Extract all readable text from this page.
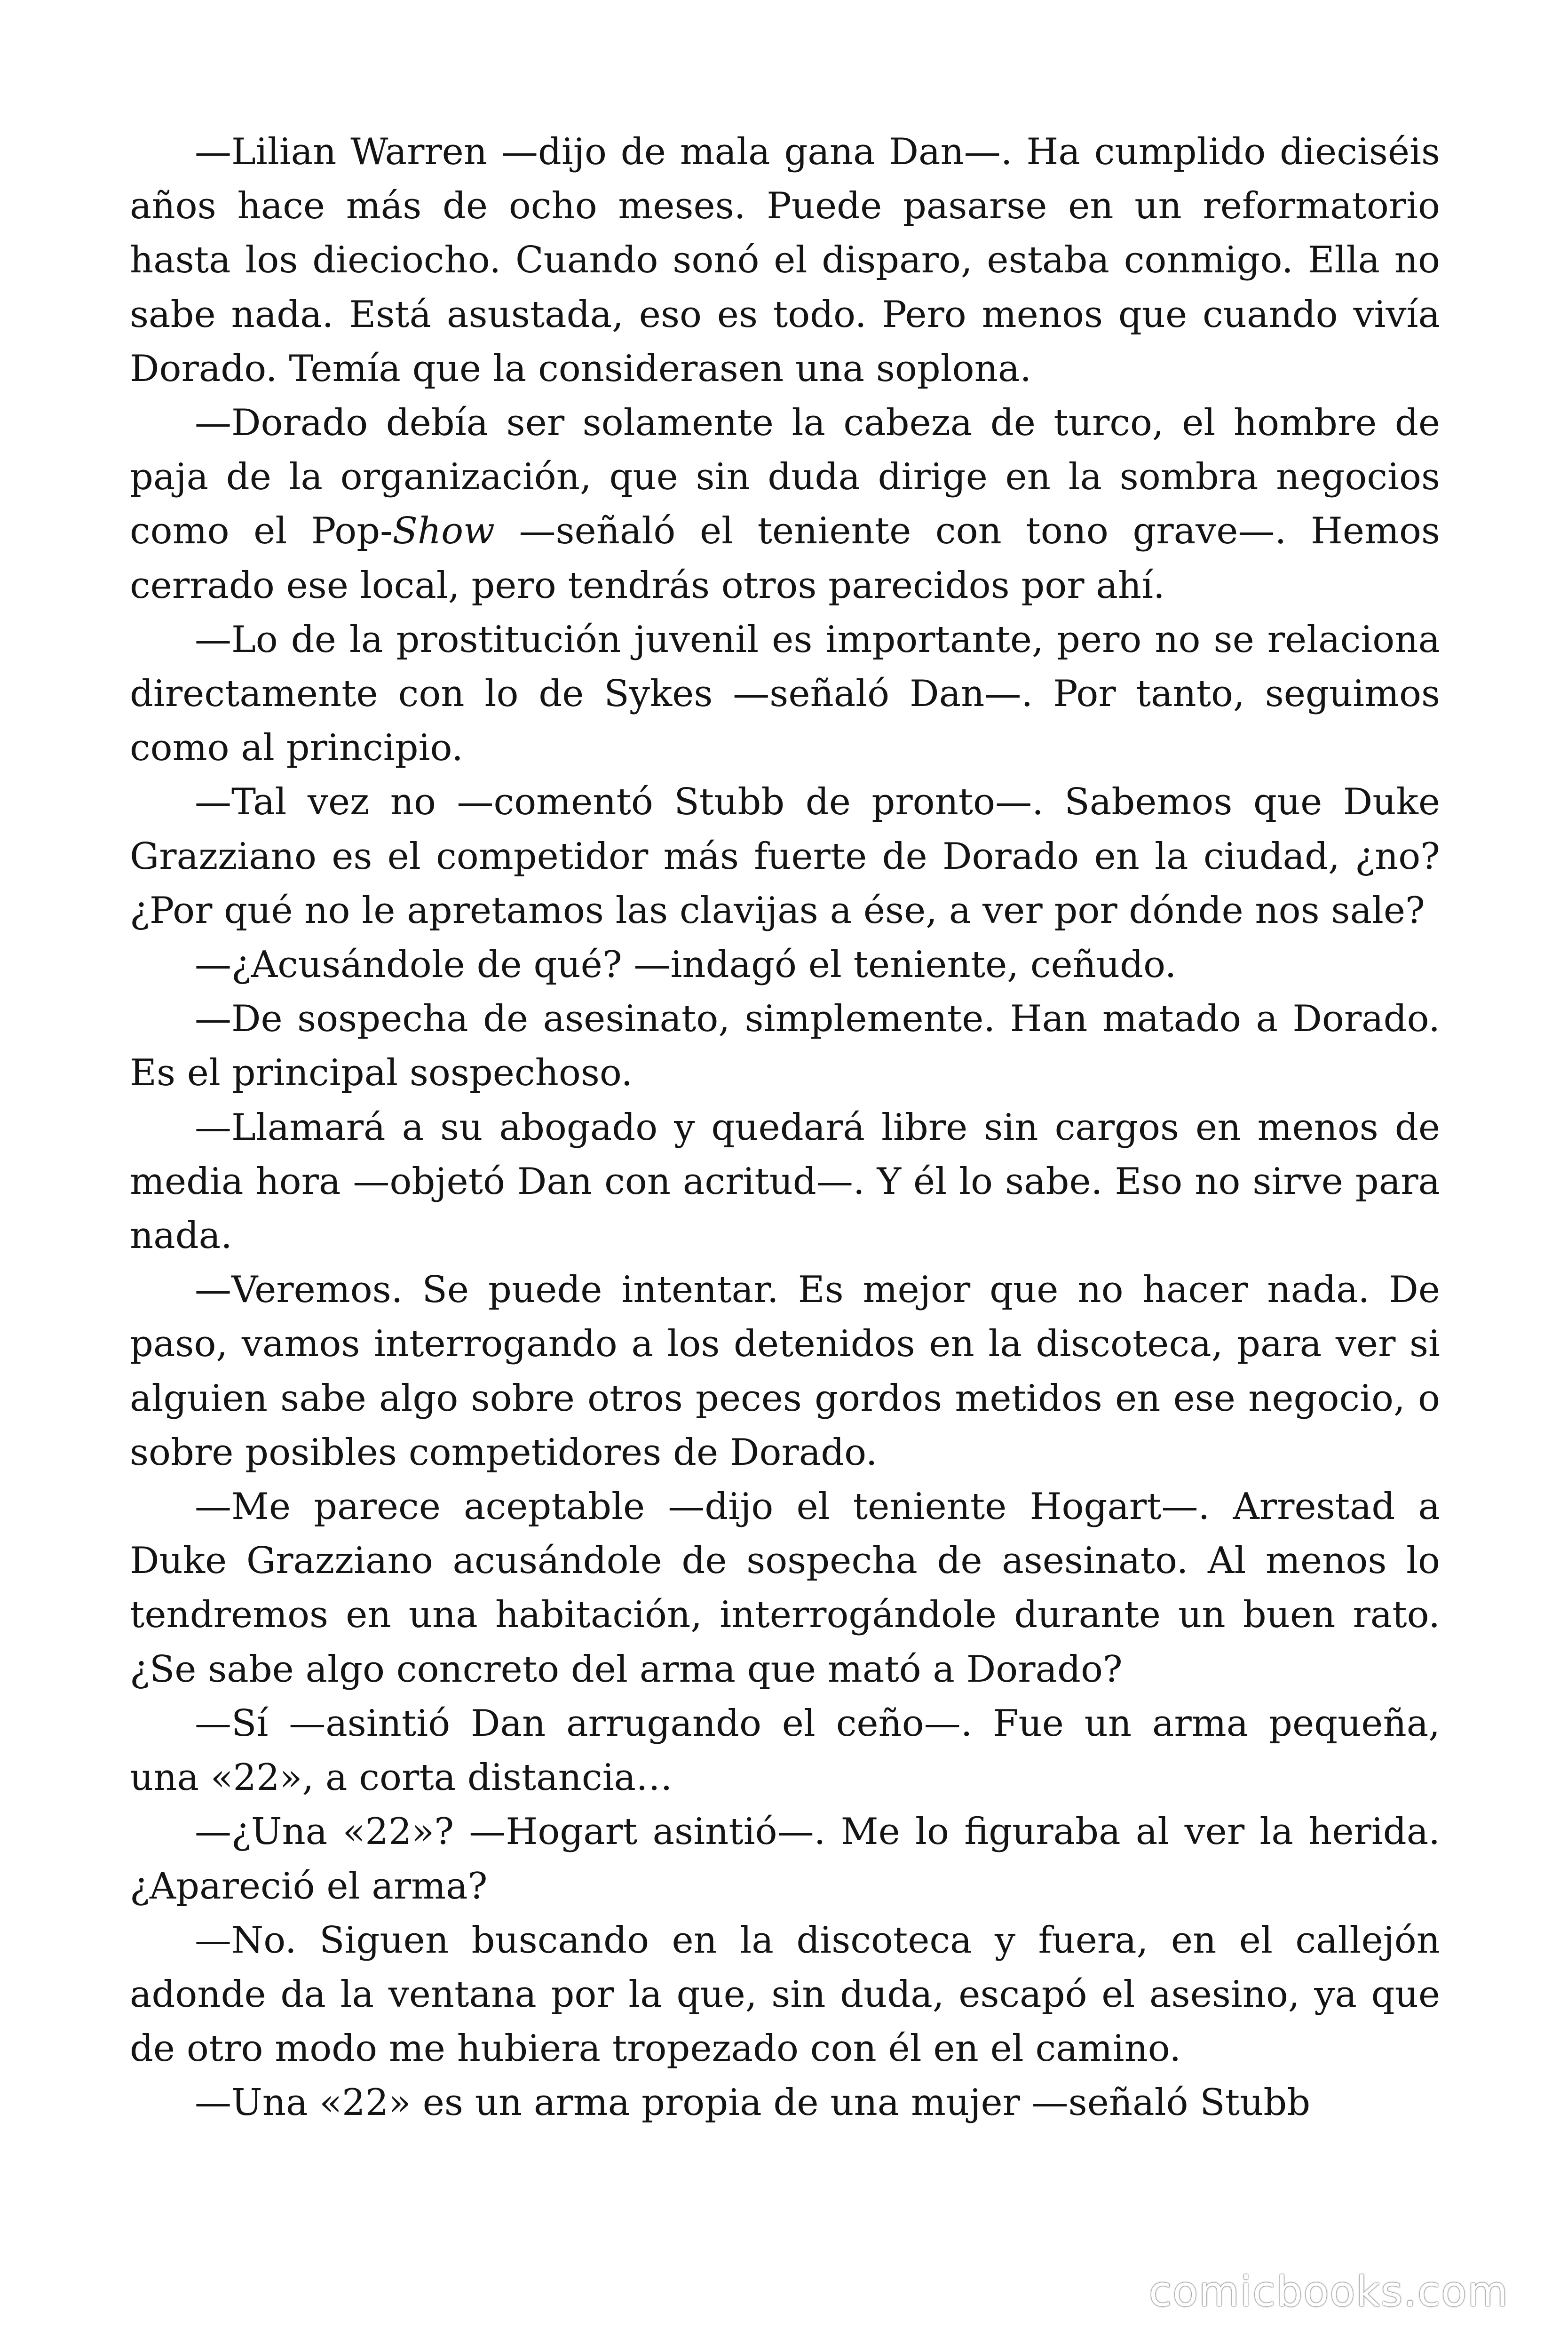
—Lilian Warren —dijo de mala gana Dan—. Ha cumplido dieciséis años hace más de ocho meses. Puede pasarse en un reformatorio hasta los dieciocho. Cuando sonó el disparo, estaba conmigo. Ella no sabe nada. Está asustada, eso es todo. Pero menos que cuando vivía Dorado. Temía que la considerasen una soplona.

—Dorado debía ser solamente la cabeza de turco, el hombre de paja de la organización, que sin duda dirige en la sombra negocios como el Pop-Show —señaló el teniente con tono grave—. Hemos cerrado ese local, pero tendrás otros parecidos por ahí.

—Lo de la prostitución juvenil es importante, pero no se relaciona directamente con lo de Sykes —señaló Dan—. Por tanto, seguimos como al principio.

—Tal vez no —comentó Stubb de pronto—. Sabemos que Duke Grazziano es el competidor más fuerte de Dorado en la ciudad, ¿no? ¿Por qué no le apretamos las clavijas a ése, a ver por dónde nos sale?

—¿Acusándole de qué? —indagó el teniente, ceñudo.

—De sospecha de asesinato, simplemente. Han matado a Dorado. Es el principal sospechoso.

—Llamará a su abogado y quedará libre sin cargos en menos de media hora —objetó Dan con acritud—. Y él lo sabe. Eso no sirve para nada.

—Veremos. Se puede intentar. Es mejor que no hacer nada. De paso, vamos interrogando a los detenidos en la discoteca, para ver si alguien sabe algo sobre otros peces gordos metidos en ese negocio, o sobre posibles competidores de Dorado.

—Me parece aceptable —dijo el teniente Hogart—. Arrestad a Duke Grazziano acusándole de sospecha de asesinato. Al menos lo tendremos en una habitación, interrogándole durante un buen rato. ¿Se sabe algo concreto del arma que mató a Dorado?

—Sí —asintió Dan arrugando el ceño—. Fue un arma pequeña, una «22», a corta distancia…

—¿Una «22»? —Hogart asintió—. Me lo figuraba al ver la herida. ¿Apareció el arma?

—No. Siguen buscando en la discoteca y fuera, en el callejón adonde da la ventana por la que, sin duda, escapó el asesino, ya que de otro modo me hubiera tropezado con él en el camino.

—Una «22» es un arma propia de una mujer —señaló Stubb

comicbooks.com
